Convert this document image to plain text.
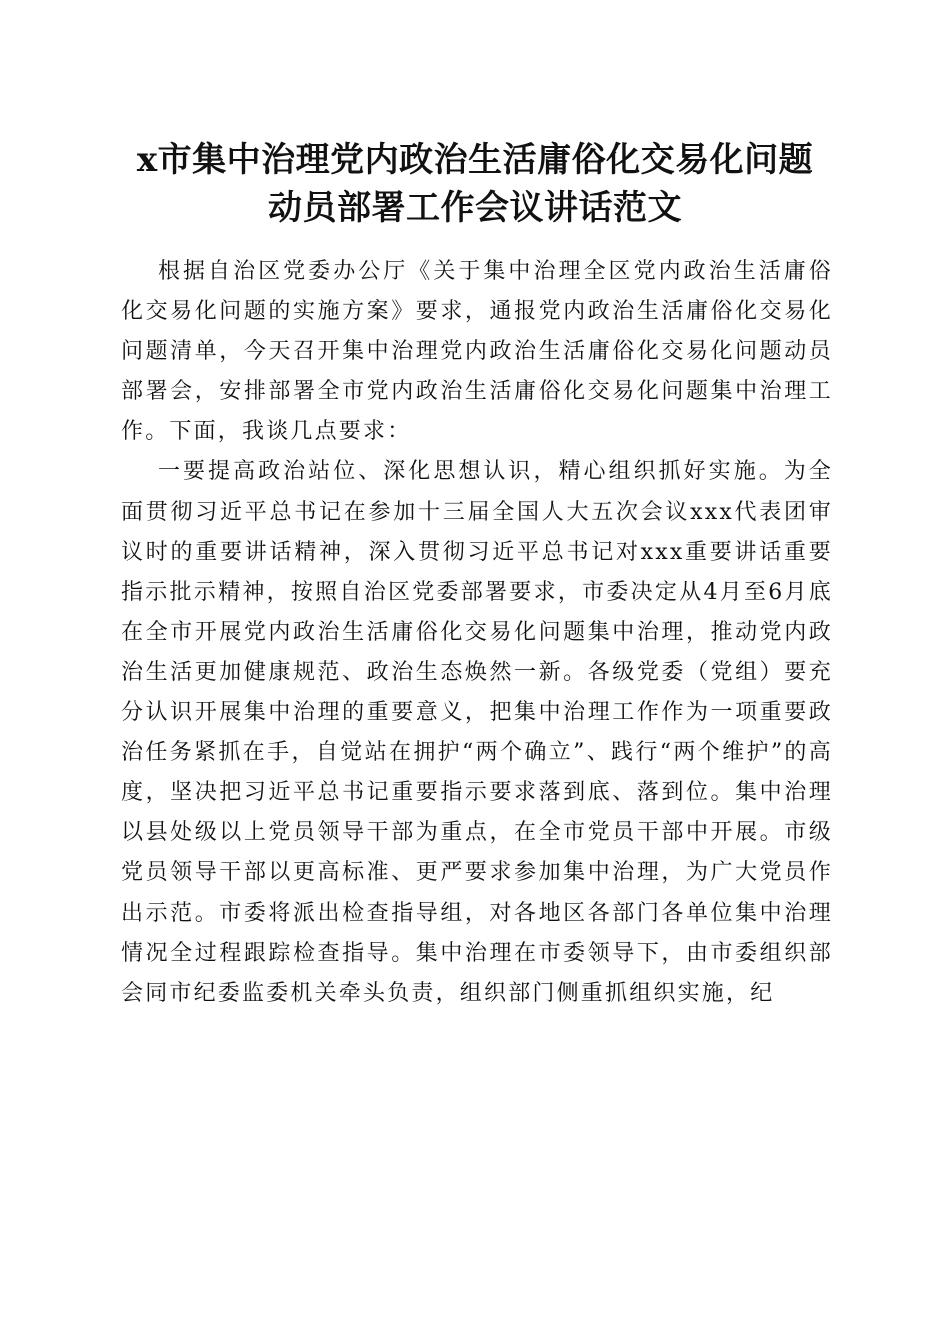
x市集中治理党内政治生活庸俗化交易化问题
动员部署工作会议讲话范文

根据自治区党委办公厅《关于集中治理全区党内政治生活庸俗化交易化问题的实施方案》要求，通报党内政治生活庸俗化交易化问题清单，今天召开集中治理党内政治生活庸俗化交易化问题动员部署会，安排部署全市党内政治生活庸俗化交易化问题集中治理工作。下面，我谈几点要求：

一要提高政治站位、深化思想认识，精心组织抓好实施。为全面贯彻习近平总书记在参加十三届全国人大五次会议xxx代表团审议时的重要讲话精神，深入贯彻习近平总书记对xxx重要讲话重要指示批示精神，按照自治区党委部署要求，市委决定从4月至6月底在全市开展党内政治生活庸俗化交易化问题集中治理，推动党内政治生活更加健康规范、政治生态焕然一新。各级党委（党组）要充分认识开展集中治理的重要意义，把集中治理工作作为一项重要政治任务紧抓在手，自觉站在拥护“两个确立”、践行“两个维护”的高度，坚决把习近平总书记重要指示要求落到底、落到位。集中治理以县处级以上党员领导干部为重点，在全市党员干部中开展。市级党员领导干部以更高标准、更严要求参加集中治理，为广大党员作出示范。市委将派出检查指导组，对各地区各部门各单位集中治理情况全过程跟踪检查指导。集中治理在市委领导下，由市委组织部会同市纪委监委机关牵头负责，组织部门侧重抓组织实施，纪
